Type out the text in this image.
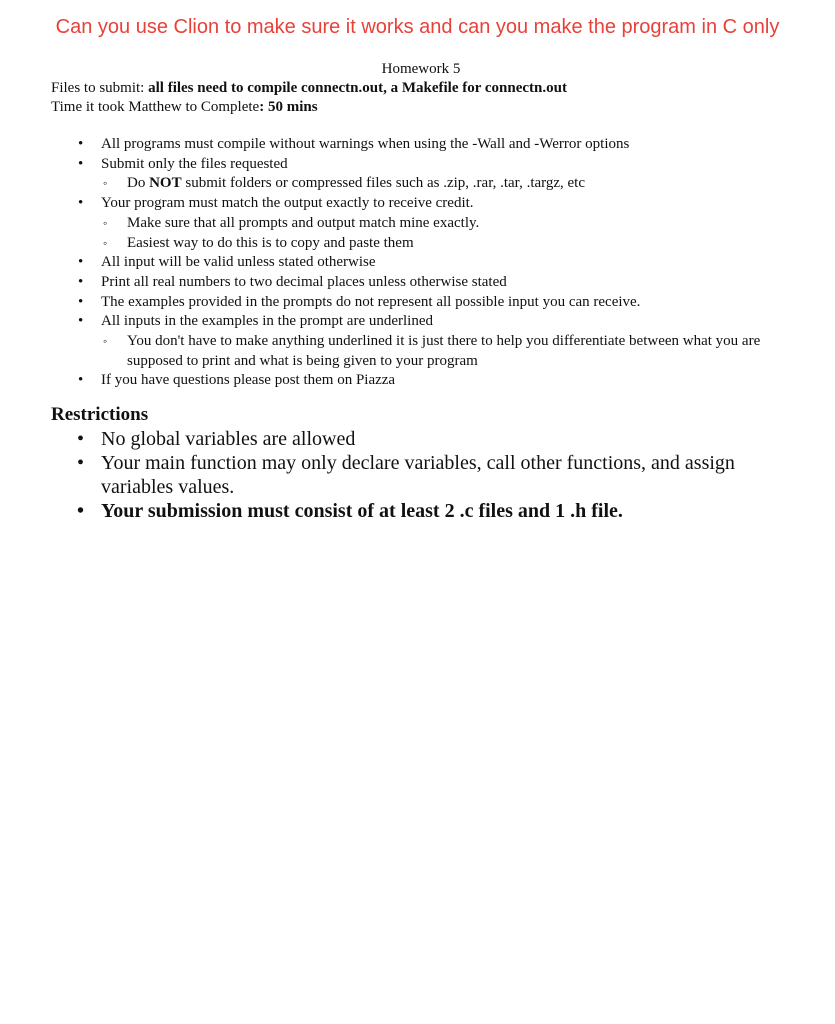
Can you use Clion to make sure it works and can you make the program in C only
Homework 5
Files to submit: all files need to compile connectn.out, a Makefile for connectn.out
Time it took Matthew to Complete: 50 mins
• All programs must compile without warnings when using the -Wall and -Werror options
• Submit only the files requested
◦ Do NOT submit folders or compressed files such as .zip, .rar, .tar, .targz, etc
• Your program must match the output exactly to receive credit.
◦ Make sure that all prompts and output match mine exactly.
◦ Easiest way to do this is to copy and paste them
• All input will be valid unless stated otherwise
• Print all real numbers to two decimal places unless otherwise stated
• The examples provided in the prompts do not represent all possible input you can receive.
• All inputs in the examples in the prompt are underlined
◦ You don't have to make anything underlined it is just there to help you differentiate between what you are supposed to print and what is being given to your program
• If you have questions please post them on Piazza
Restrictions
• No global variables are allowed
• Your main function may only declare variables, call other functions, and assign variables values.
• Your submission must consist of at least 2 .c files and 1 .h file.
